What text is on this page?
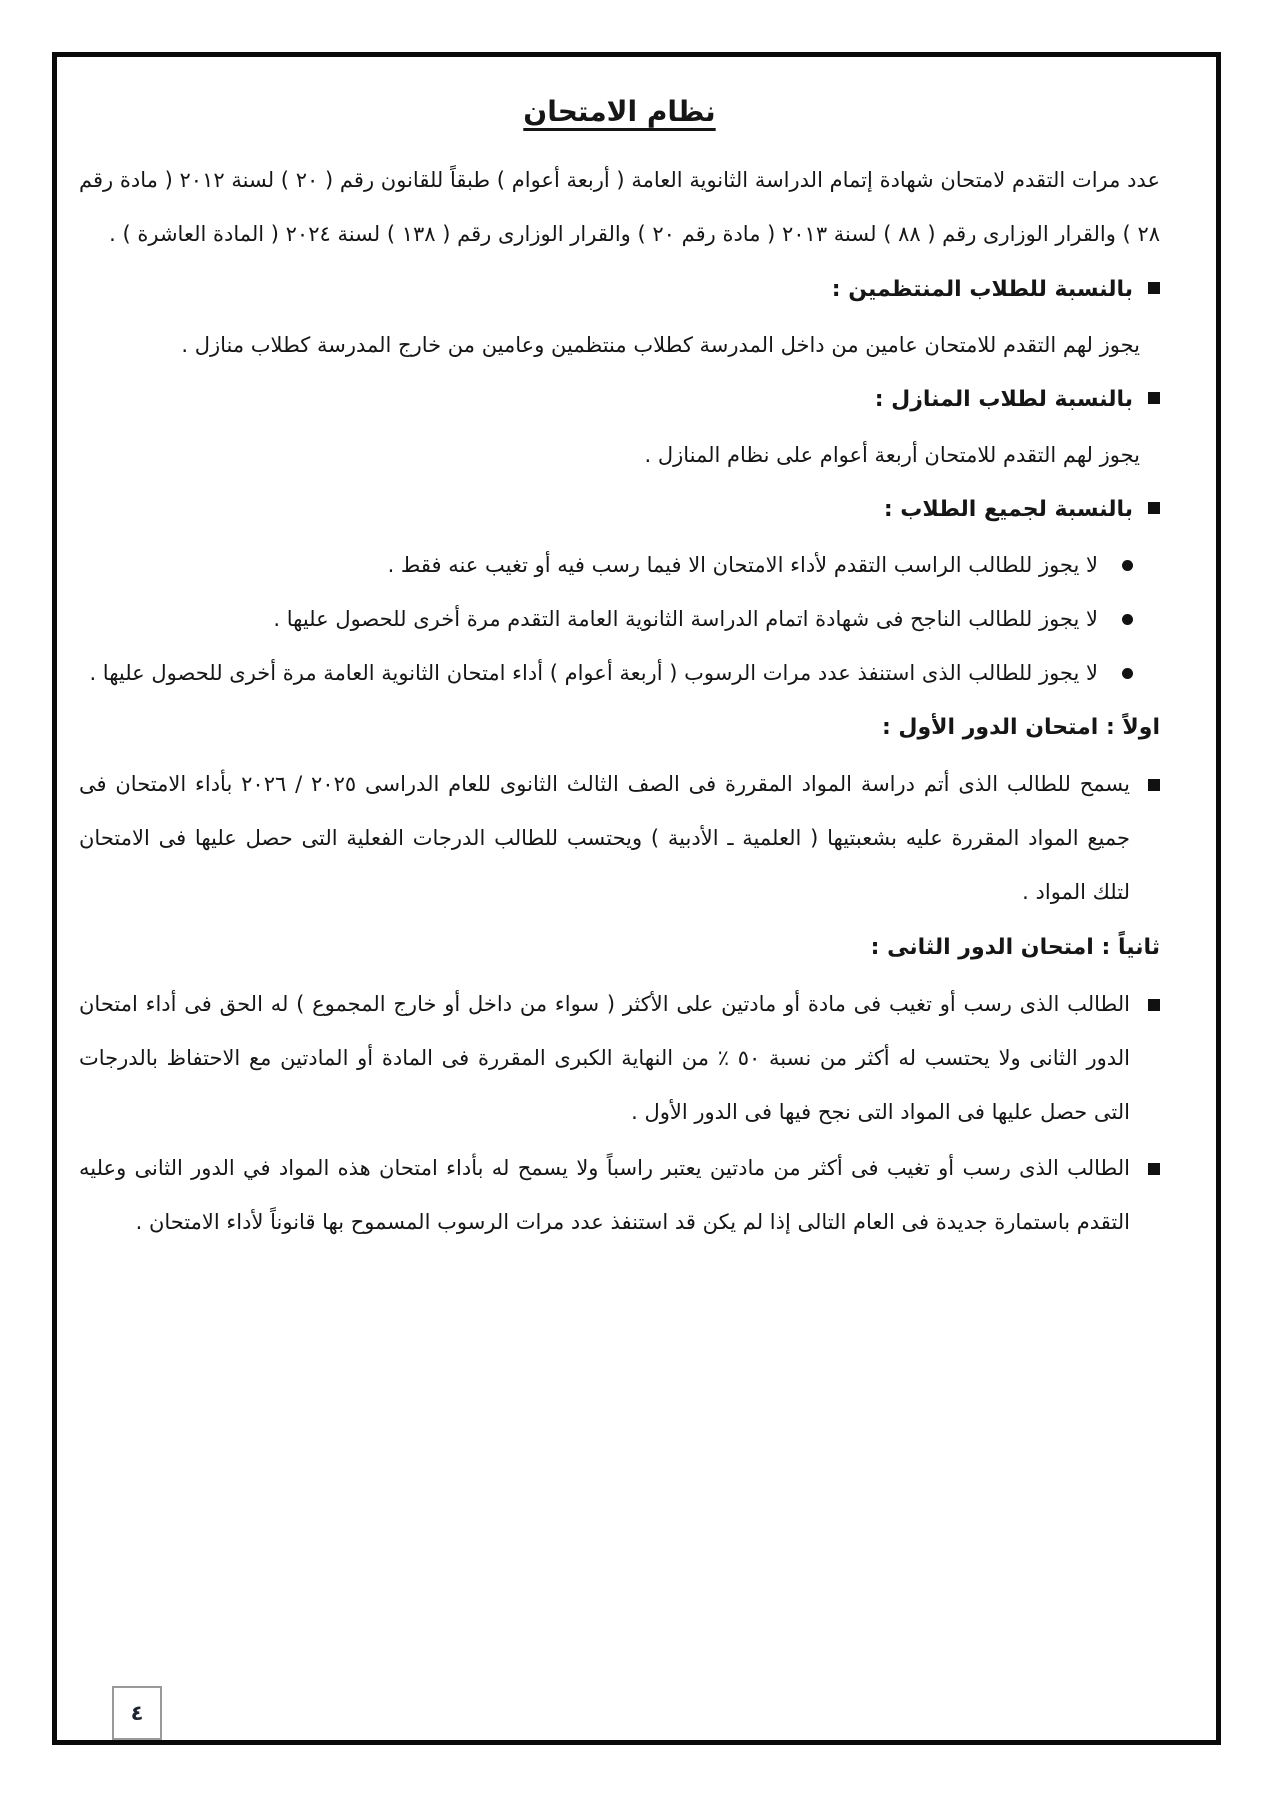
نظام الامتحان

عدد مرات التقدم لامتحان شهادة إتمام الدراسة الثانوية العامة ( أربعة أعوام ) طبقاً للقانون رقم ( ٢٠ ) لسنة ٢٠١٢ ( مادة رقم ٢٨ ) والقرار الوزارى رقم ( ٨٨ ) لسنة ٢٠١٣ ( مادة رقم ٢٠ ) والقرار الوزارى رقم ( ١٣٨ ) لسنة ٢٠٢٤ ( المادة العاشرة ) .

بالنسبة للطلاب المنتظمين :

يجوز لهم التقدم للامتحان عامين من داخل المدرسة كطلاب منتظمين وعامين من خارج المدرسة كطلاب منازل .

بالنسبة لطلاب المنازل :

يجوز لهم التقدم للامتحان أربعة أعوام على نظام المنازل .

بالنسبة لجميع الطلاب :

لا يجوز للطالب الراسب التقدم لأداء الامتحان الا فيما رسب فيه أو تغيب عنه فقط .

لا يجوز للطالب الناجح فى شهادة اتمام الدراسة الثانوية العامة التقدم مرة أخرى للحصول عليها .

لا يجوز للطالب الذى استنفذ عدد مرات الرسوب ( أربعة أعوام ) أداء امتحان الثانوية العامة مرة أخرى للحصول عليها .

اولاً : امتحان الدور الأول :

يسمح للطالب الذى أتم دراسة المواد المقررة فى الصف الثالث الثانوى للعام الدراسى ٢٠٢٥ / ٢٠٢٦ بأداء الامتحان فى جميع المواد المقررة عليه بشعبتيها ( العلمية ـ الأدبية ) ويحتسب للطالب الدرجات الفعلية التى حصل عليها فى الامتحان لتلك المواد .

ثانياً : امتحان الدور الثانى :

الطالب الذى رسب أو تغيب فى مادة أو مادتين على الأكثر ( سواء من داخل أو خارج المجموع ) له الحق فى أداء امتحان الدور الثانى ولا يحتسب له أكثر من نسبة ٥٠ ٪ من النهاية الكبرى المقررة فى المادة أو المادتين مع الاحتفاظ بالدرجات التى حصل عليها فى المواد التى نجح فيها فى الدور الأول .

الطالب الذى رسب أو تغيب فى أكثر من مادتين يعتبر راسباً ولا يسمح له بأداء امتحان هذه المواد في الدور الثانى وعليه التقدم باستمارة جديدة فى العام التالى إذا لم يكن قد استنفذ عدد مرات الرسوب المسموح بها قانوناً لأداء الامتحان .

٤
